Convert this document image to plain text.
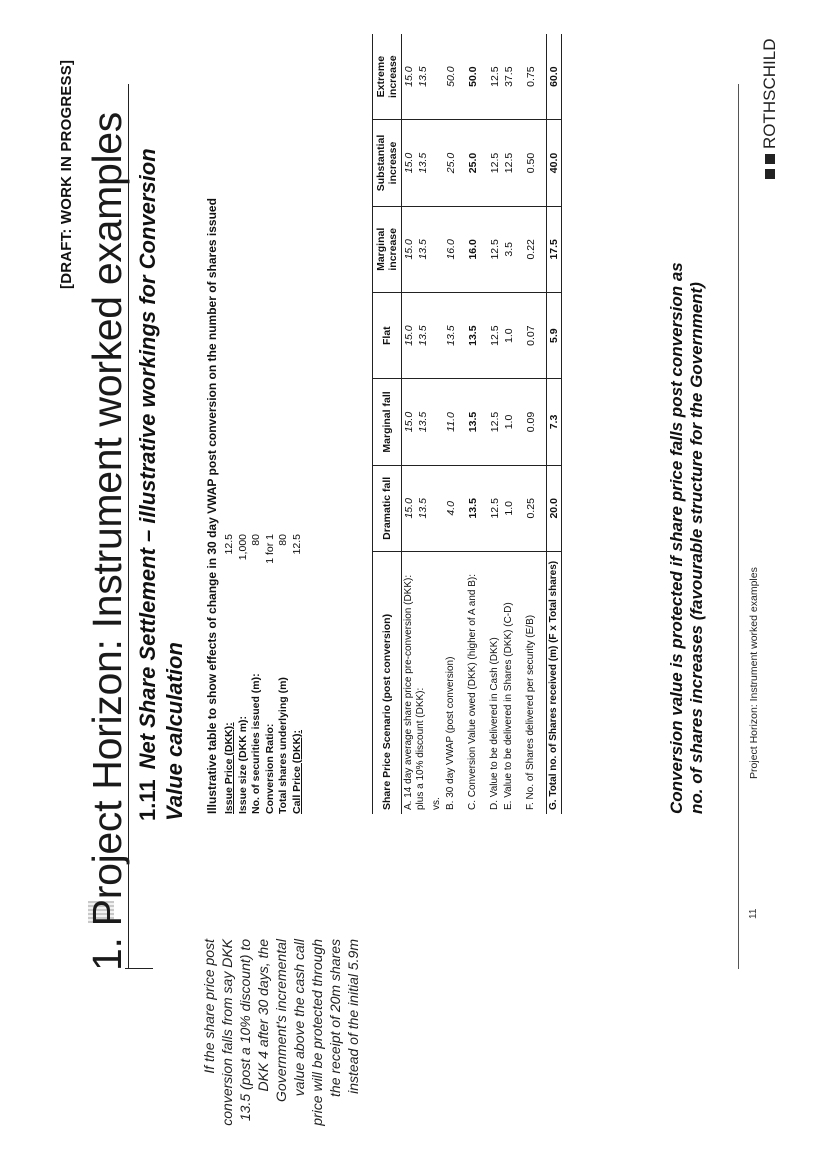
[DRAFT: WORK IN PROGRESS] 1. Project Horizon: Instrument worked examples 1.11Net Share Settlement – illustrative workings for Conversion Value calculation
If the share price post conversion falls from say DKK 13.5 (post a 10% discount) to DKK 4 after 30 days, the Government's incremental value above the cash call price will be protected through the receipt of 20m shares instead of the initial 5.9m
Illustrative table to show effects of change in 30 day VWAP post conversion on the number of shares issued Issue Price (DKK):
12.5
Issue size (DKK m):
1,000
No. of securities issued (m):
80
Conversion Ratio:
1 for 1
Total shares underlying (m)
80
Call Price (DKK):
12.5
Share Price Scenario (post conversion)	Dramatic fall	Marginal fall	Flat	Marginal increase	Substantial increase	Extreme increase
A. 14 day average share price pre-conversion (DKK): plus a 10% discount (DKK):	15.0	15.0	15.0	15.0	15.0	15.0
	13.5	13.5	13.5	13.5	13.5	13.5
vs.						
B. 30 day VWAP (post conversion)	4.0	11.0	13.5	16.0	25.0	50.0

C. Conversion Value owed (DKK) (higher of A and B):	13.5	13.5	13.5	16.0	25.0	50.0

D. Value to be delivered in Cash (DKK)	12.5	12.5	12.5	12.5	12.5	12.5
E. Value to be delivered in Shares (DKK) (C-D)	1.0	1.0	1.0	3.5	12.5	37.5

F. No. of Shares delivered per security (E/B)	0.25	0.09	0.07	0.22	0.50	0.75

G. Total no. of Shares received (m) (F x Total shares)	20.0	7.3	5.9	17.5	40.0	60.0
Conversion value is protected if share price falls post conversion as no. of shares increases (favourable structure for the Government)
11
Project Horizon: Instrument worked examples
ROTHSCHILD
